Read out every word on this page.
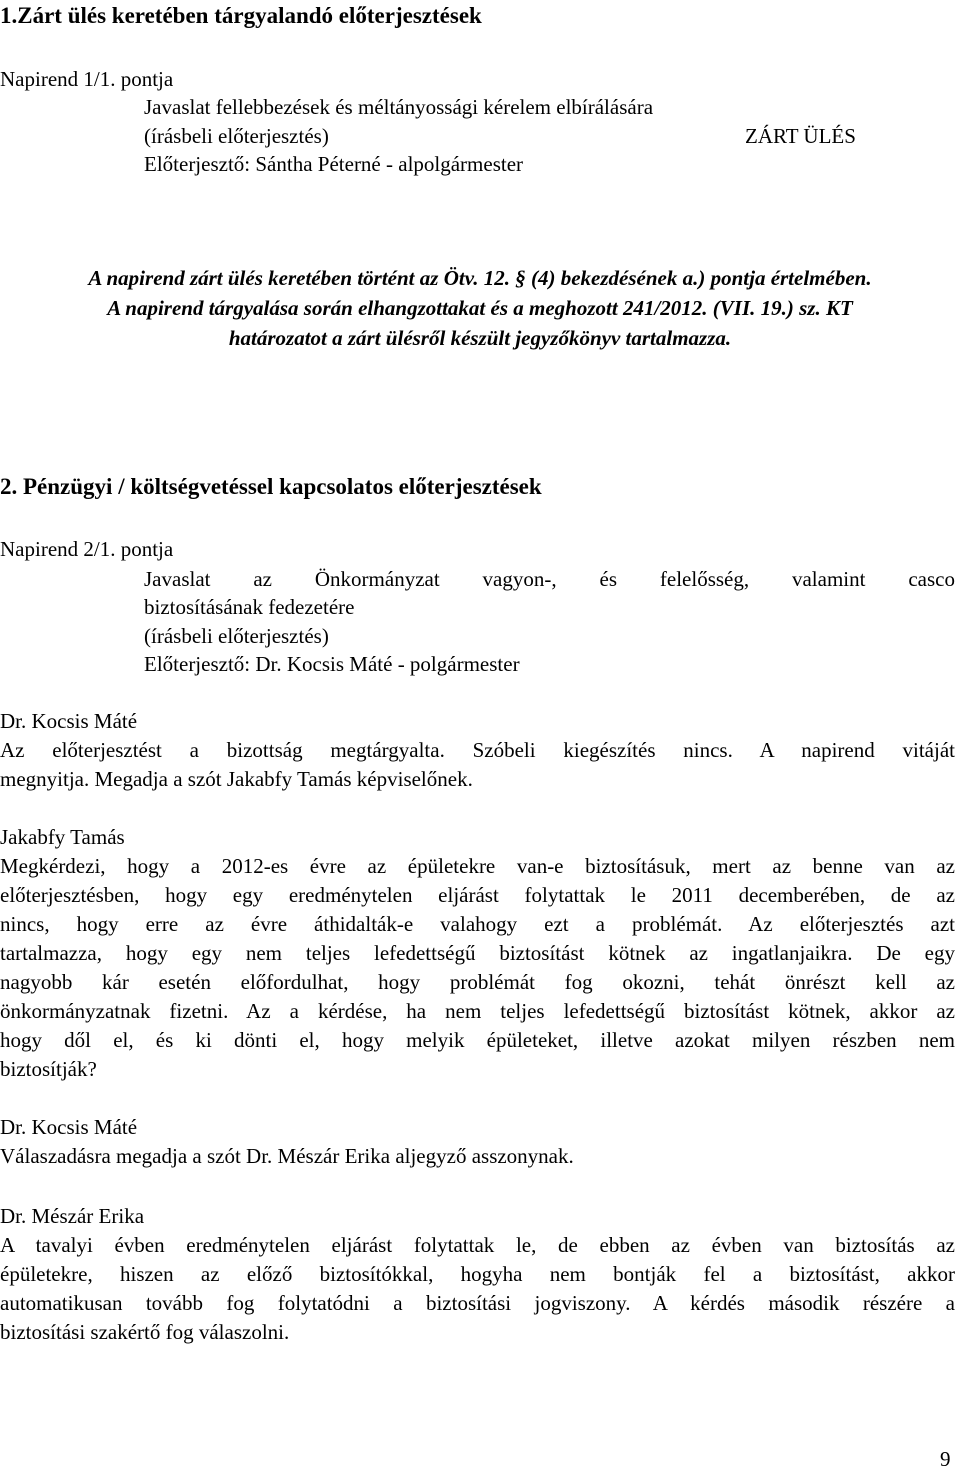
1.Zárt ülés keretében tárgyalandó előterjesztések
Napirend 1/1. pontja
Javaslat fellebbezések és méltányossági kérelem elbírálására
(írásbeli előterjesztés)	ZÁRT ÜLÉS
Előterjesztő: Sántha Péterné - alpolgármester
A napirend zárt ülés keretében történt az Ötv. 12. § (4) bekezdésének a.) pontja értelmében.
A napirend tárgyalása során elhangzottakat és a meghozott 241/2012. (VII. 19.) sz. KT
határozatot a zárt ülésről készült jegyzőkönyv tartalmazza.
2. Pénzügyi / költségvetéssel kapcsolatos előterjesztések
Napirend 2/1. pontja
Javaslat az Önkormányzat vagyon-, és felelősség, valamint casco
biztosításának fedezetére
(írásbeli előterjesztés)
Előterjesztő: Dr. Kocsis Máté - polgármester
Dr. Kocsis Máté
Az előterjesztést a bizottság megtárgyalta. Szóbeli kiegészítés nincs. A napirend vitáját
megnyitja. Megadja a szót Jakabfy Tamás képviselőnek.
Jakabfy Tamás
Megkérdezi, hogy a 2012-es évre az épületekre van-e biztosításuk, mert az benne van az
előterjesztésben, hogy egy eredménytelen eljárást folytattak le 2011 decemberében, de az
nincs, hogy erre az évre áthidalták-e valahogy ezt a problémát. Az előterjesztés azt
tartalmazza, hogy egy nem teljes lefedettségű biztosítást kötnek az ingatlanjaikra. De egy
nagyobb kár esetén előfordulhat, hogy problémát fog okozni, tehát önrészt kell az
önkormányzatnak fizetni. Az a kérdése, ha nem teljes lefedettségű biztosítást kötnek, akkor az
hogy dől el, és ki dönti el, hogy melyik épületeket, illetve azokat milyen részben nem
biztosítják?
Dr. Kocsis Máté
Válaszadásra megadja a szót Dr. Mészár Erika aljegyző asszonynak.
Dr. Mészár Erika
A tavalyi évben eredménytelen eljárást folytattak le, de ebben az évben van biztosítás az
épületekre, hiszen az előző biztosítókkal, hogyha nem bontják fel a biztosítást, akkor
automatikusan tovább fog folytatódni a biztosítási jogviszony. A kérdés második részére a
biztosítási szakértő fog válaszolni.
9
